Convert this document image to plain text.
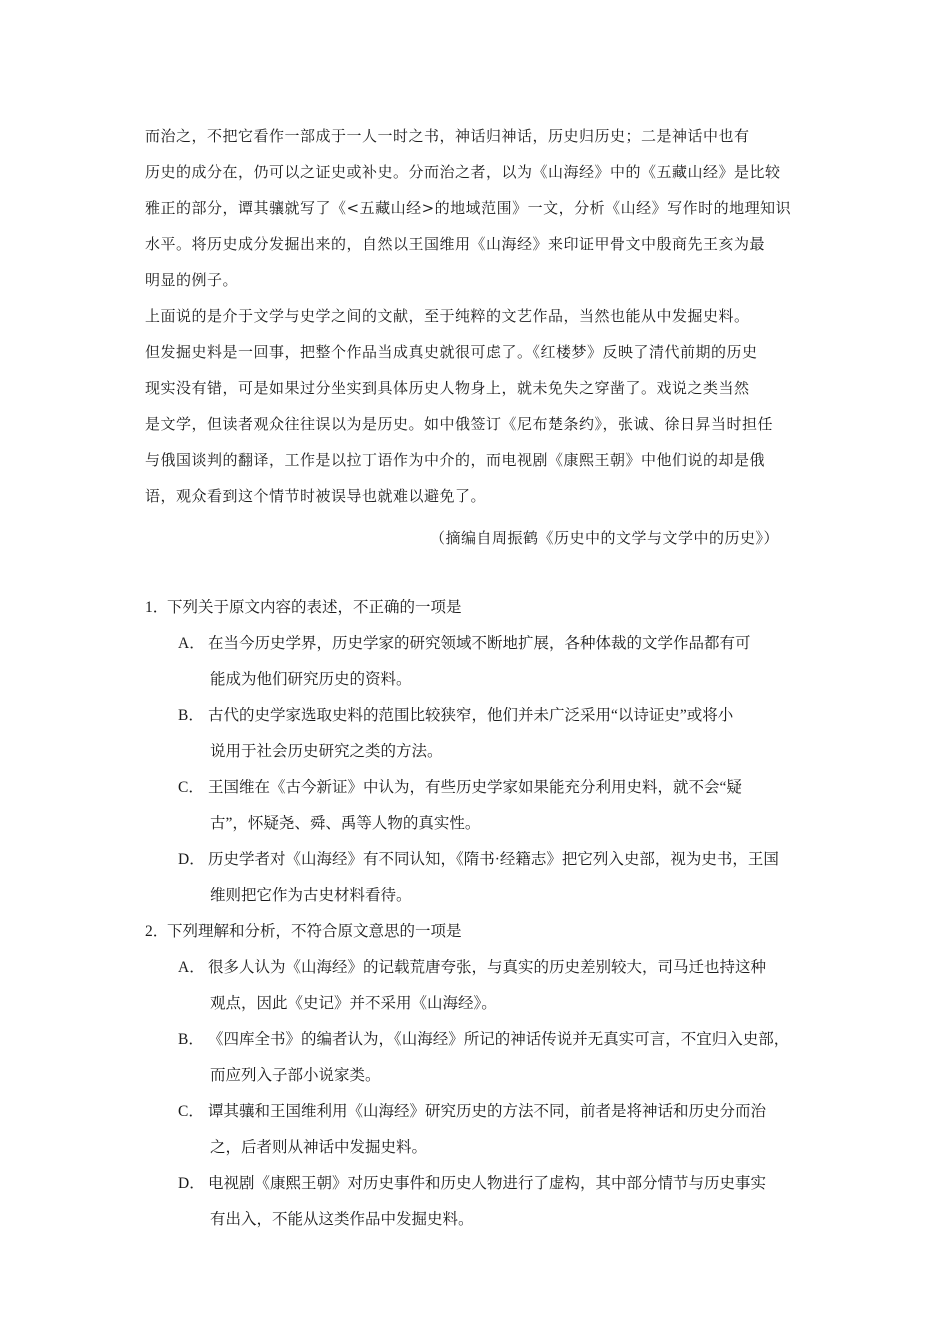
而治之，不把它看作一部成于一人一时之书，神话归神话，历史归历史；二是神话中也有
历史的成分在，仍可以之证史或补史。分而治之者，以为《山海经》中的《五藏山经》是比较
雅正的部分，谭其骧就写了《<五藏山经>的地域范围》一文，分析《山经》写作时的地理知识
水平。将历史成分发掘出来的，自然以王国维用《山海经》来印证甲骨文中殷商先王亥为最
明显的例子。
上面说的是介于文学与史学之间的文献，至于纯粹的文艺作品，当然也能从中发掘史料。
但发掘史料是一回事，把整个作品当成真史就很可虑了。《红楼梦》反映了清代前期的历史
现实没有错，可是如果过分坐实到具体历史人物身上，就未免失之穿凿了。戏说之类当然
是文学，但读者观众往往误以为是历史。如中俄签订《尼布楚条约》，张诚、徐日昇当时担任
与俄国谈判的翻译，工作是以拉丁语作为中介的，而电视剧《康熙王朝》中他们说的却是俄
语，观众看到这个情节时被误导也就难以避免了。
（摘编自周振鹤《历史中的文学与文学中的历史》）
1．下列关于原文内容的表述，不正确的一项是
A． 在当今历史学界，历史学家的研究领域不断地扩展，各种体裁的文学作品都有可
能成为他们研究历史的资料。
B． 古代的史学家选取史料的范围比较狭窄，他们并未广泛采用“以诗证史”或将小
说用于社会历史研究之类的方法。
C． 王国维在《古今新证》中认为，有些历史学家如果能充分利用史料，就不会“疑
古”，怀疑尧、舜、禹等人物的真实性。
D． 历史学者对《山海经》有不同认知，《隋书·经籍志》把它列入史部，视为史书，王国
维则把它作为古史材料看待。
2．下列理解和分析，不符合原文意思的一项是
A． 很多人认为《山海经》的记载荒唐夸张，与真实的历史差别较大，司马迁也持这种
观点，因此《史记》并不采用《山海经》。
B． 《四库全书》的编者认为，《山海经》所记的神话传说并无真实可言，不宜归入史部，
而应列入子部小说家类。
C． 谭其骧和王国维利用《山海经》研究历史的方法不同，前者是将神话和历史分而治
之，后者则从神话中发掘史料。
D． 电视剧《康熙王朝》对历史事件和历史人物进行了虚构，其中部分情节与历史事实
有出入，不能从这类作品中发掘史料。
